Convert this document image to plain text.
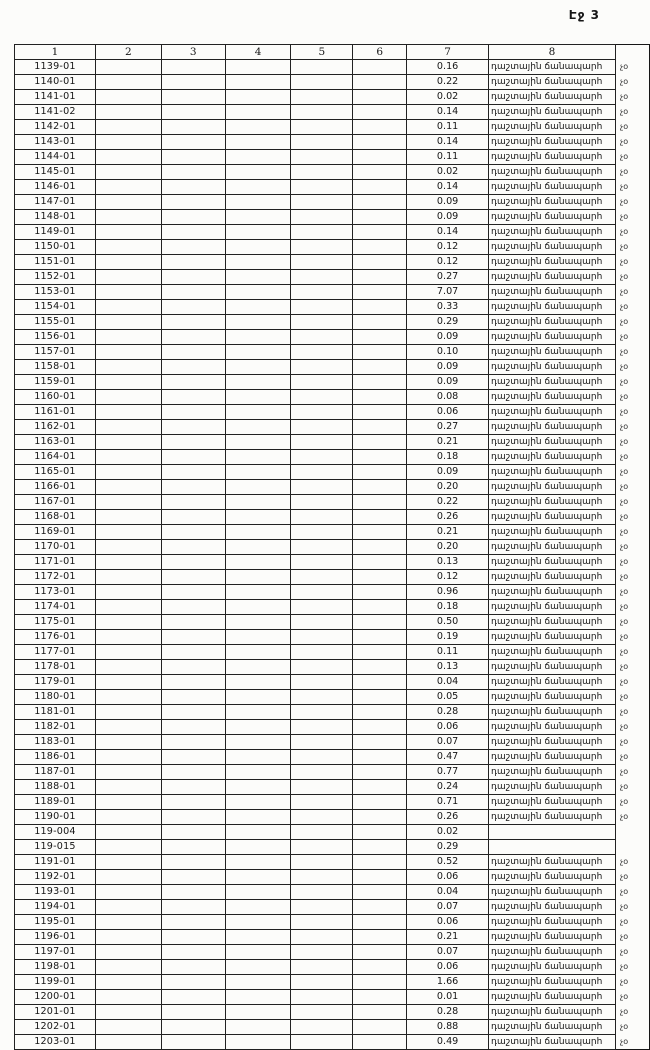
Էջ 3
1	2	3	4	5	6	7	8	
1139-01						0.16	դաշտային ճանապարհ	չօ
1140-01						0.22	դաշտային ճանապարհ	չօ
1141-01						0.02	դաշտային ճանապարհ	չօ
1141-02						0.14	դաշտային ճանապարհ	չօ
1142-01						0.11	դաշտային ճանապարհ	չօ
1143-01						0.14	դաշտային ճանապարհ	չօ
1144-01						0.11	դաշտային ճանապարհ	չօ
1145-01						0.02	դաշտային ճանապարհ	չօ
1146-01						0.14	դաշտային ճանապարհ	չօ
1147-01						0.09	դաշտային ճանապարհ	չօ
1148-01						0.09	դաշտային ճանապարհ	չօ
1149-01						0.14	դաշտային ճանապարհ	չօ
1150-01						0.12	դաշտային ճանապարհ	չօ
1151-01						0.12	դաշտային ճանապարհ	չօ
1152-01						0.27	դաշտային ճանապարհ	չօ
1153-01						7.07	դաշտային ճանապարհ	չօ
1154-01						0.33	դաշտային ճանապարհ	չօ
1155-01						0.29	դաշտային ճանապարհ	չօ
1156-01						0.09	դաշտային ճանապարհ	չօ
1157-01						0.10	դաշտային ճանապարհ	չօ
1158-01						0.09	դաշտային ճանապարհ	չօ
1159-01						0.09	դաշտային ճանապարհ	չօ
1160-01						0.08	դաշտային ճանապարհ	չօ
1161-01						0.06	դաշտային ճանապարհ	չօ
1162-01						0.27	դաշտային ճանապարհ	չօ
1163-01						0.21	դաշտային ճանապարհ	չօ
1164-01						0.18	դաշտային ճանապարհ	չօ
1165-01						0.09	դաշտային ճանապարհ	չօ
1166-01						0.20	դաշտային ճանապարհ	չօ
1167-01						0.22	դաշտային ճանապարհ	չօ
1168-01						0.26	դաշտային ճանապարհ	չօ
1169-01						0.21	դաշտային ճանապարհ	չօ
1170-01						0.20	դաշտային ճանապարհ	չօ
1171-01						0.13	դաշտային ճանապարհ	չօ
1172-01						0.12	դաշտային ճանապարհ	չօ
1173-01						0.96	դաշտային ճանապարհ	չօ
1174-01						0.18	դաշտային ճանապարհ	չօ
1175-01						0.50	դաշտային ճանապարհ	չօ
1176-01						0.19	դաշտային ճանապարհ	չօ
1177-01						0.11	դաշտային ճանապարհ	չօ
1178-01						0.13	դաշտային ճանապարհ	չօ
1179-01						0.04	դաշտային ճանապարհ	չօ
1180-01						0.05	դաշտային ճանապարհ	չօ
1181-01						0.28	դաշտային ճանապարհ	չօ
1182-01						0.06	դաշտային ճանապարհ	չօ
1183-01						0.07	դաշտային ճանապարհ	չօ
1186-01						0.47	դաշտային ճանապարհ	չօ
1187-01						0.77	դաշտային ճանապարհ	չօ
1188-01						0.24	դաշտային ճանապարհ	չօ
1189-01						0.71	դաշտային ճանապարհ	չօ
1190-01						0.26	դաշտային ճանապարհ	չօ
119-004						0.02		
119-015						0.29		
1191-01						0.52	դաշտային ճանապարհ	չօ
1192-01						0.06	դաշտային ճանապարհ	չօ
1193-01						0.04	դաշտային ճանապարհ	չօ
1194-01						0.07	դաշտային ճանապարհ	չօ
1195-01						0.06	դաշտային ճանապարհ	չօ
1196-01						0.21	դաշտային ճանապարհ	չօ
1197-01						0.07	դաշտային ճանապարհ	չօ
1198-01						0.06	դաշտային ճանապարհ	չօ
1199-01						1.66	դաշտային ճանապարհ	չօ
1200-01						0.01	դաշտային ճանապարհ	չօ
1201-01						0.28	դաշտային ճանապարհ	չօ
1202-01						0.88	դաշտային ճանապարհ	չօ
1203-01						0.49	դաշտային ճանապարհ	չօ
